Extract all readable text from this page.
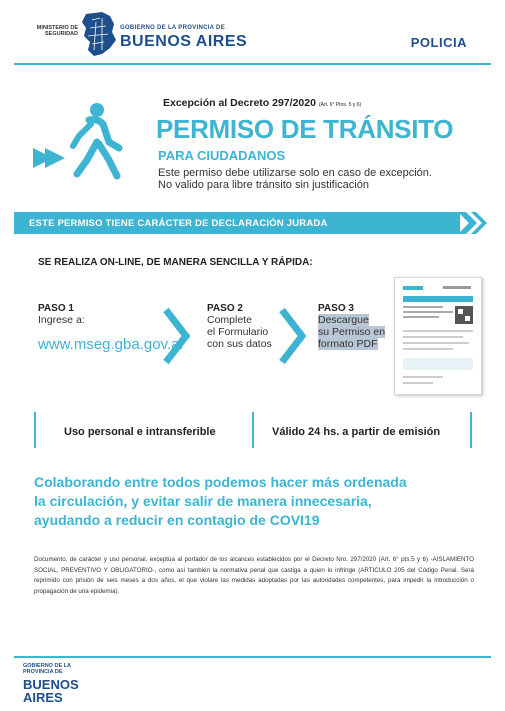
MINISTERIO DE SEGURIDAD
GOBIERNO DE LA PROVINCIA DE
BUENOS AIRES	POLICIA
Excepción al Decreto 297/2020 (Art. 6° Ptos. 5 y 6)
PERMISO DE TRÁNSITO
PARA CIUDADANOS
Este permiso debe utilizarse solo en caso de excepción.
No valido para libre tránsito sin justificación
ESTE PERMISO TIENE CARÁCTER DE DECLARACIÓN JURADA
SE REALIZA ON-LINE, DE MANERA SENCILLA Y RÁPIDA:
PASO 1
Ingrese a:
www.mseg.gba.gov.ar
PASO 2
Complete
el Formulario
con sus datos
PASO 3
Descargue
su Permiso en
formato PDF
Uso personal e intransferible	Válido 24 hs. a partir de emisión
Colaborando entre todos podemos hacer más ordenada
la circulación, y evitar salir de manera innecesaria,
ayudando a reducir en contagio de COVI19
Documento, de carácter y uso personal, exceptúa al portador de los alcances establecidos por el Decreto Nro. 297/2020 (Art. 6° pts.5 y 6) -AISLAMIENTO SOCIAL, PREVENTIVO Y OBLIGATORIO-, como así también la normativa penal que castiga a quien lo infringe (ARTICULO 205 del Código Penal. Será reprimido con prisión de seis meses a dos años, el que violare las medidas adoptadas por las autoridades competentes, para impedir la introducción o propagación de una epidemia).
GOBIERNO DE LA
PROVINCIA DE
BUENOS
AIRES
